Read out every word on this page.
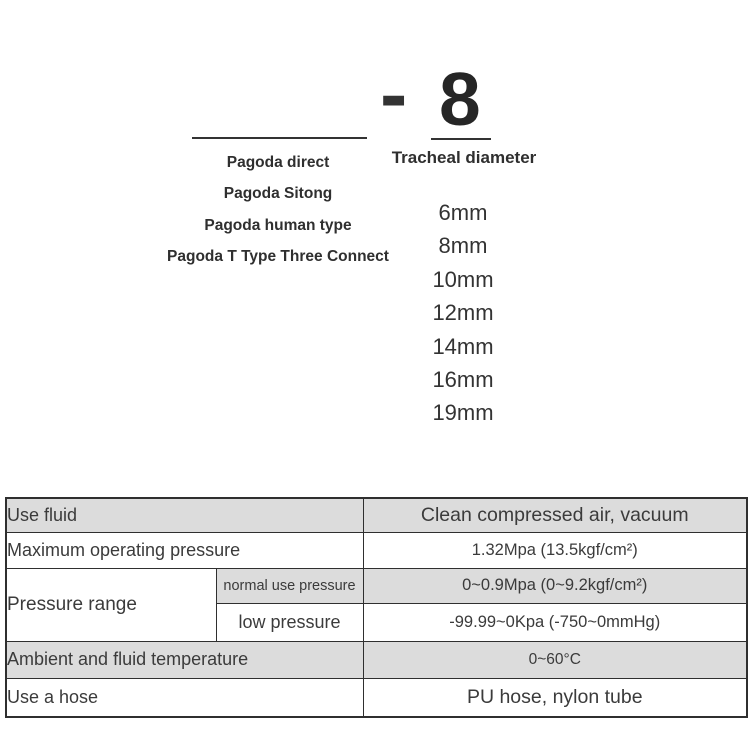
- 8
Tracheal diameter
Pagoda direct
Pagoda Sitong
Pagoda human type
Pagoda T Type Three Connect
6mm
8mm
10mm
12mm
14mm
16mm
19mm
Use fluid		Clean compressed air, vacuum
Maximum operating pressure		1.32Mpa (13.5kgf/cm²)
Pressure range	normal use pressure	0~0.9Mpa (0~9.2kgf/cm²)
	low pressure	-99.99~0Kpa (-750~0mmHg)
Ambient and fluid temperature		0~60°C
Use a hose		PU hose, nylon tube
